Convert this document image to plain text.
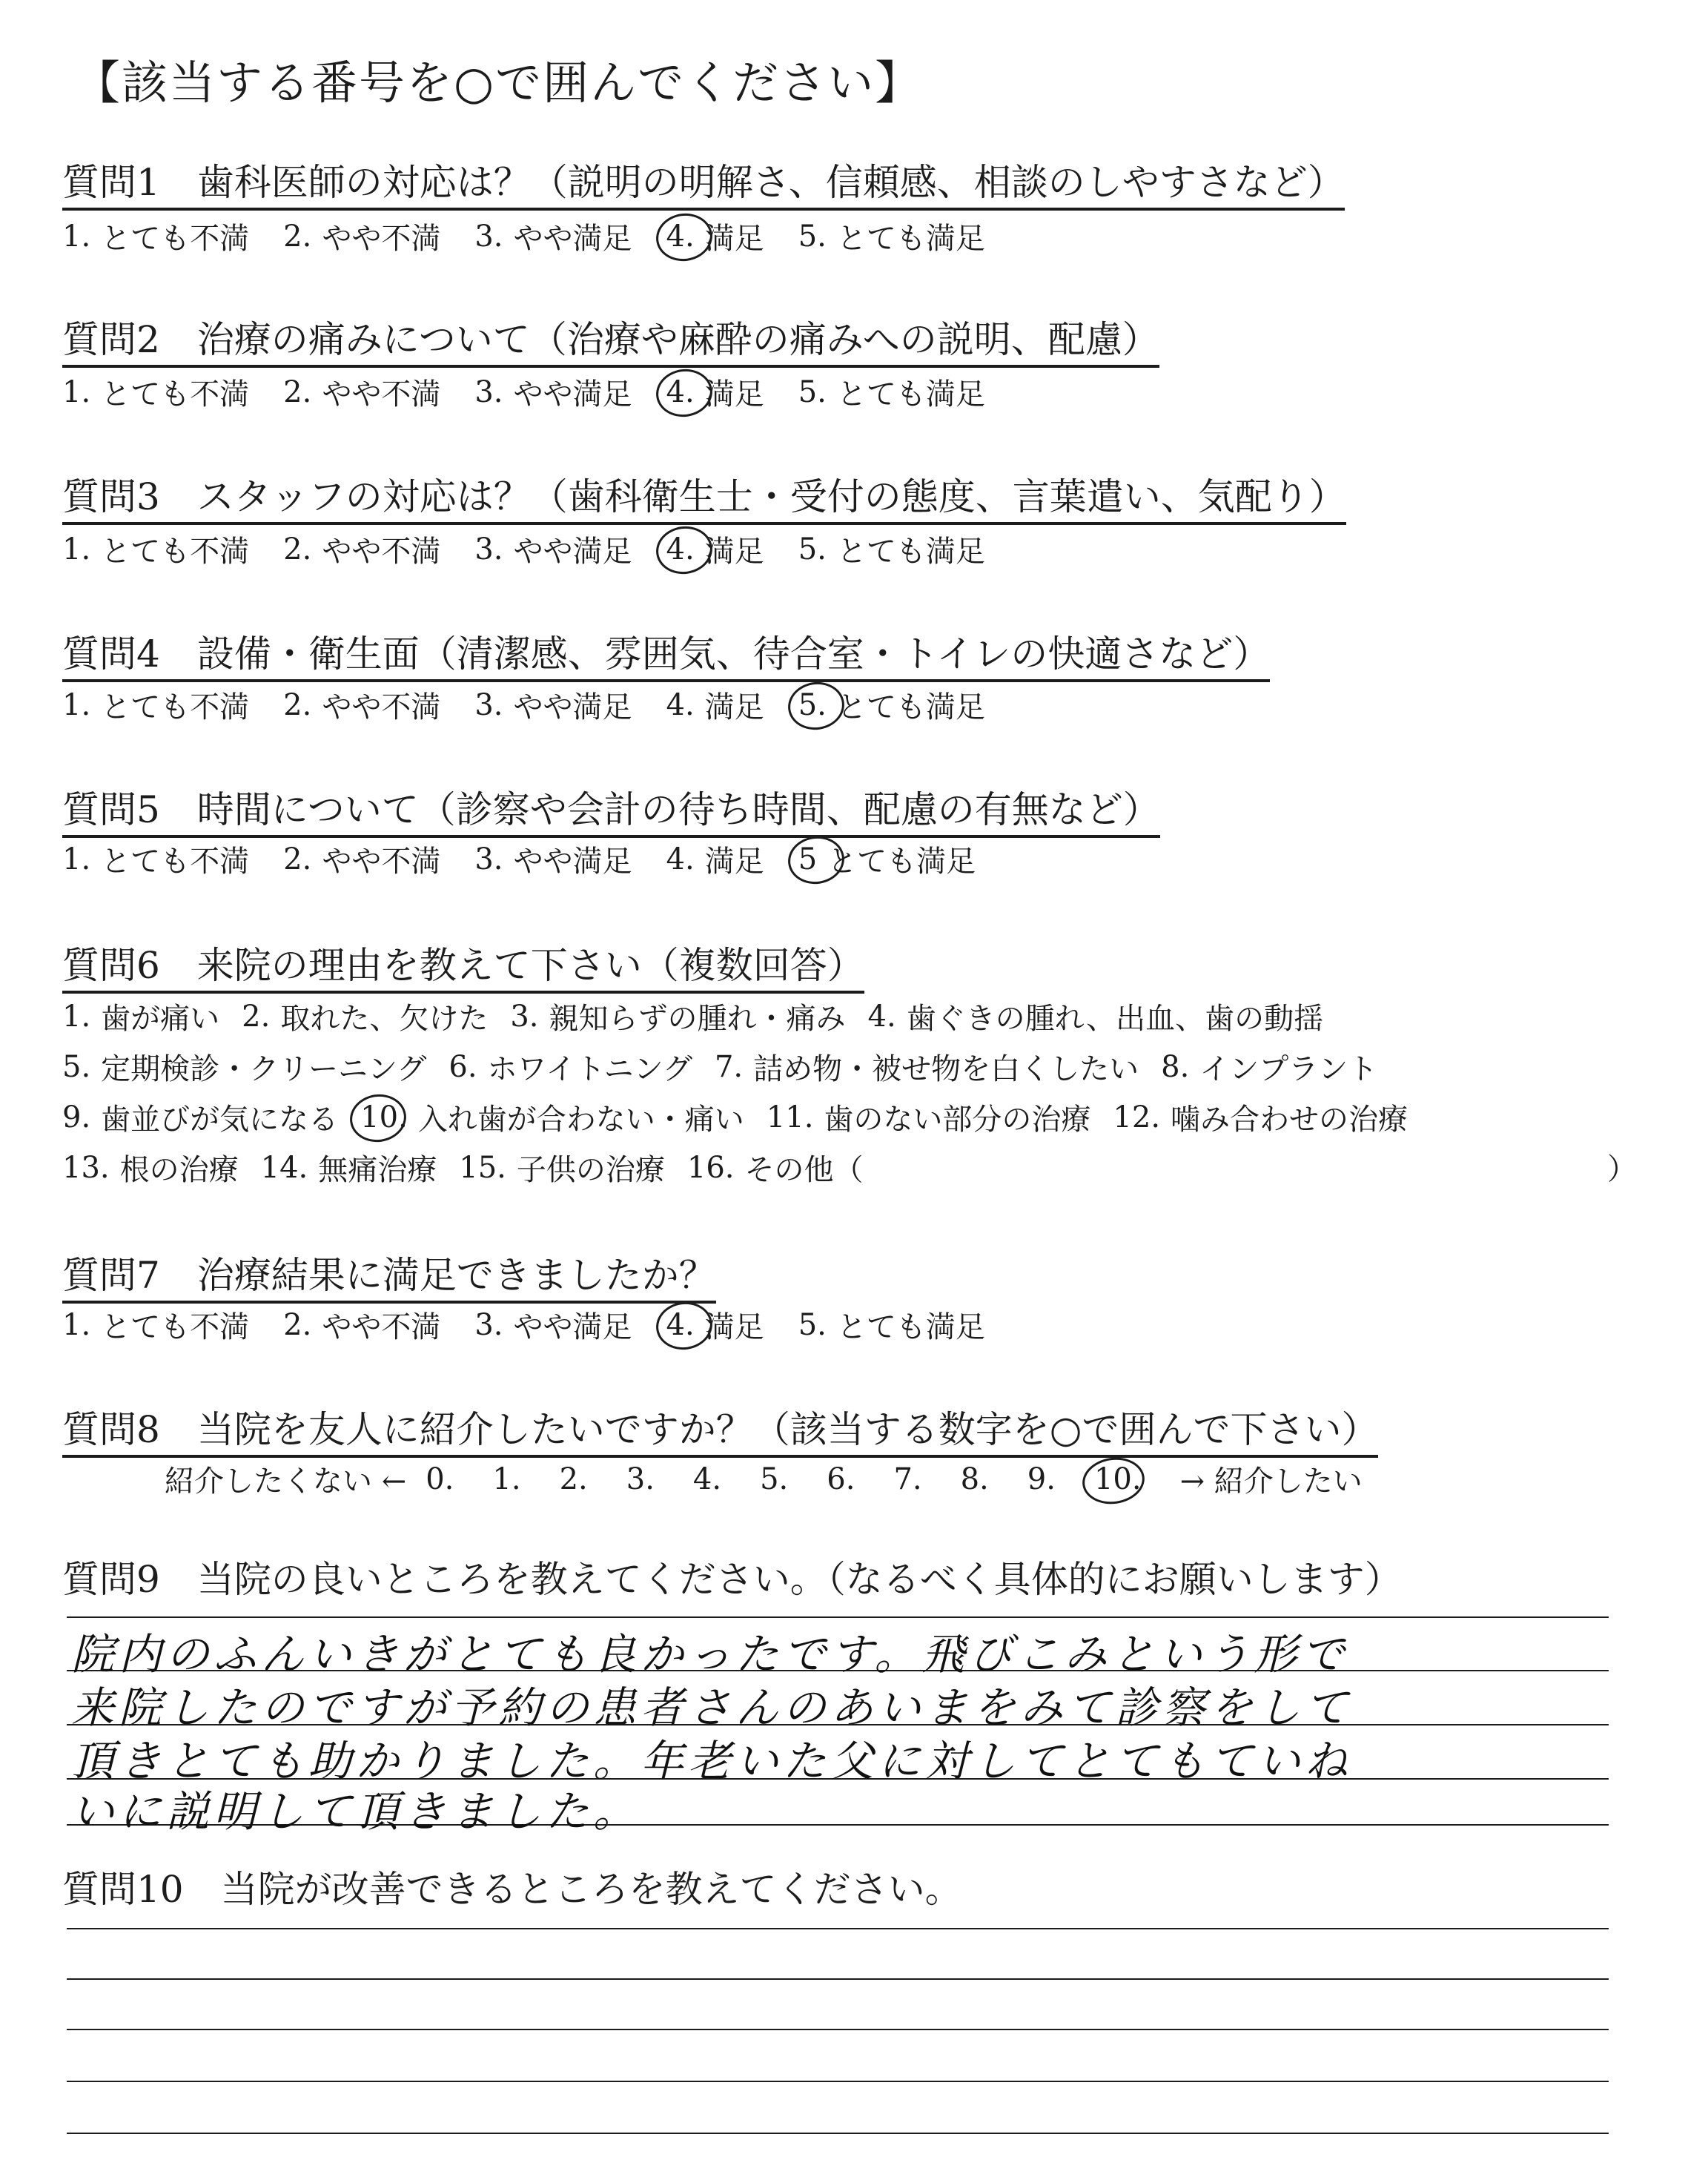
【該当する番号を○で囲んでください】
質問1　歯科医師の対応は？（説明の明解さ、信頼感、相談のしやすさなど）
1. とても不満 2. やや不満 3. やや満足 4. 満足 5. とても満足
質問2　治療の痛みについて（治療や麻酔の痛みへの説明、配慮）
1. とても不満 2. やや不満 3. やや満足 4. 満足 5. とても満足
質問3　スタッフの対応は？（歯科衛生士・受付の態度、言葉遣い、気配り）
1. とても不満 2. やや不満 3. やや満足 4. 満足 5. とても満足
質問4　設備・衛生面（清潔感、雰囲気、待合室・トイレの快適さなど）
1. とても不満 2. やや不満 3. やや満足 4. 満足 5. とても満足
質問5　時間について（診察や会計の待ち時間、配慮の有無など）
1. とても不満 2. やや不満 3. やや満足 4. 満足 5 とても満足
質問6　来院の理由を教えて下さい（複数回答）
1. 歯が痛い 2. 取れた、欠けた 3. 親知らずの腫れ・痛み 4. 歯ぐきの腫れ、出血、歯の動揺
5. 定期検診・クリーニング 6. ホワイトニング 7. 詰め物・被せ物を白くしたい 8. インプラント
9. 歯並びが気になる 10. 入れ歯が合わない・痛い 11. 歯のない部分の治療 12. 噛み合わせの治療
13. 根の治療 14. 無痛治療 15. 子供の治療 16. その他（	）
質問7　治療結果に満足できましたか？
1. とても不満 2. やや不満 3. やや満足 4. 満足 5. とても満足
質問8　当院を友人に紹介したいですか？（該当する数字を○で囲んで下さい）
紹介したくない ← 0. 1. 2. 3. 4. 5. 6. 7. 8. 9. 10. → 紹介したい
質問9　当院の良いところを教えてください。（なるべく具体的にお願いします）
院内のふんいきがとても良かったです。飛びこみという形で
来院したのですが予約の患者さんのあいまをみて診察をして
頂きとても助かりました。年老いた父に対してとてもていね
いに説明して頂きました。
質問10　当院が改善できるところを教えてください。
